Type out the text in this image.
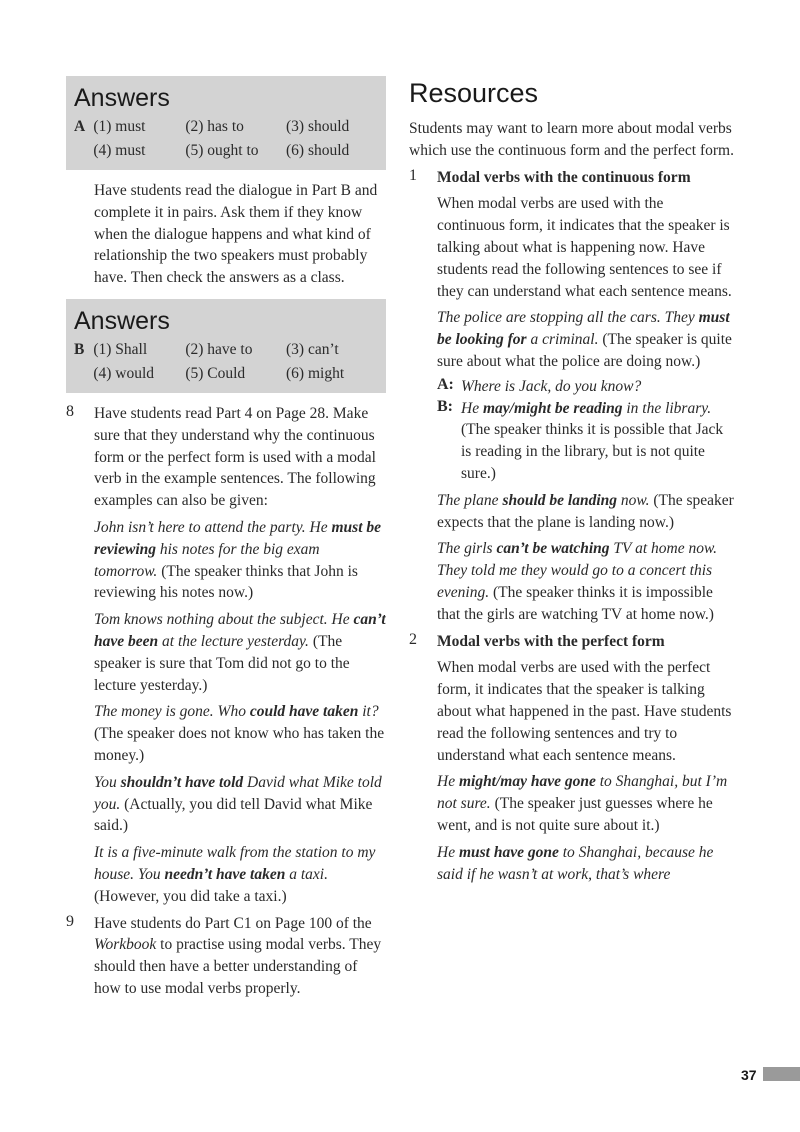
Answers
A (1) must	(2) has to	(3) should
(4) must	(5) ought to	(6) should

Have students read the dialogue in Part B and complete it in pairs. Ask them if they know when the dialogue happens and what kind of relationship the two speakers must probably have. Then check the answers as a class.

Answers
B (1) Shall	(2) have to	(3) can’t
(4) would	(5) Could	(6) might
8	Have students read Part 4 on Page 28. Make sure that they understand why the continuous form or the perfect form is used with a modal verb in the example sentences. The following examples can also be given:

John isn’t here to attend the party. He must be reviewing his notes for the big exam tomorrow. (The speaker thinks that John is reviewing his notes now.)

Tom knows nothing about the subject. He can’t have been at the lecture yesterday. (The speaker is sure that Tom did not go to the lecture yesterday.)

The money is gone. Who could have taken it? (The speaker does not know who has taken the money.)

You shouldn’t have told David what Mike told you. (Actually, you did tell David what Mike said.)

It is a five-minute walk from the station to my house. You needn’t have taken a taxi. (However, you did take a taxi.)

9	Have students do Part C1 on Page 100 of the Workbook to practise using modal verbs. They should then have a better understanding of how to use modal verbs properly.

Resources

Students may want to learn more about modal verbs which use the continuous form and the perfect form.

1	Modal verbs with the continuous form

When modal verbs are used with the continuous form, it indicates that the speaker is talking about what is happening now. Have students read the following sentences to see if they can understand what each sentence means.

The police are stopping all the cars. They must be looking for a criminal. (The speaker is quite sure about what the police are doing now.)

A: Where is Jack, do you know?

B: He may/might be reading in the library. (The speaker thinks it is possible that Jack is reading in the library, but is not quite sure.)

The plane should be landing now. (The speaker expects that the plane is landing now.)

The girls can’t be watching TV at home now. They told me they would go to a concert this evening. (The speaker thinks it is impossible that the girls are watching TV at home now.)

2	Modal verbs with the perfect form

When modal verbs are used with the perfect form, it indicates that the speaker is talking about what happened in the past. Have students read the following sentences and try to understand what each sentence means.

He might/may have gone to Shanghai, but I’m not sure. (The speaker just guesses where he went, and is not quite sure about it.)

He must have gone to Shanghai, because he said if he wasn’t at work, that’s where

37
